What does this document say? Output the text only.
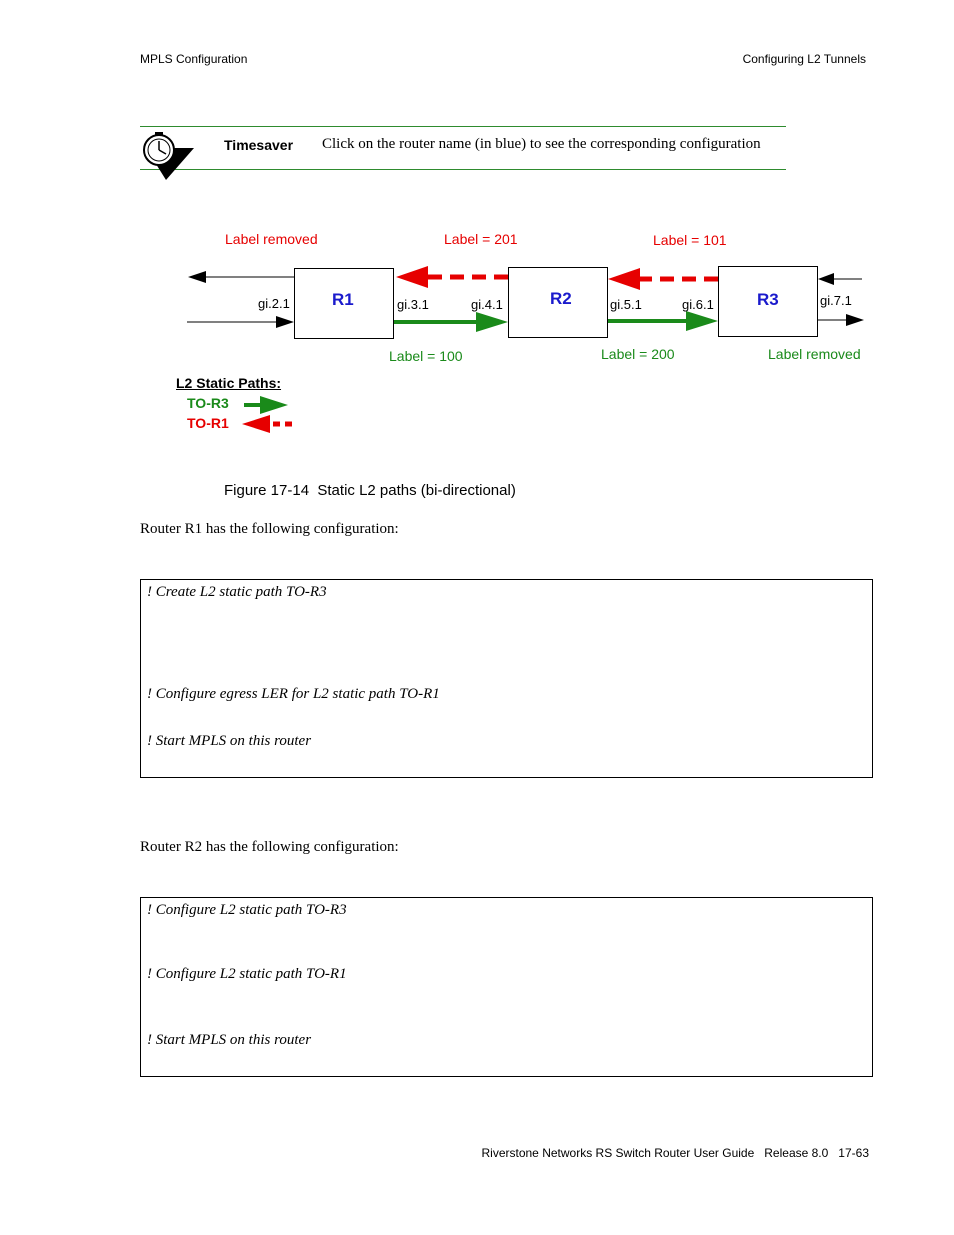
MPLS Configuration	Configuring L2 Tunnels
Timesaver Click on the router name (in blue) to see the corresponding configuration
R1	R2	R3
gi.2.1	gi.3.1	gi.4.1	gi.5.1	gi.6.1	gi.7.1
Label removed	Label = 201	Label = 101
Label = 100	Label = 200	Label removed
L2 Static Paths:
TO-R3
TO-R1
Figure 17-14  Static L2 paths (bi-directional)
Router R1 has the following configuration:
! Create L2 static path TO-R3
! Configure egress LER for L2 static path TO-R1
! Start MPLS on this router
Router R2 has the following configuration:
! Configure L2 static path TO-R3
! Configure L2 static path TO-R1
! Start MPLS on this router
Riverstone Networks RS Switch Router User Guide   Release 8.0   17-63
